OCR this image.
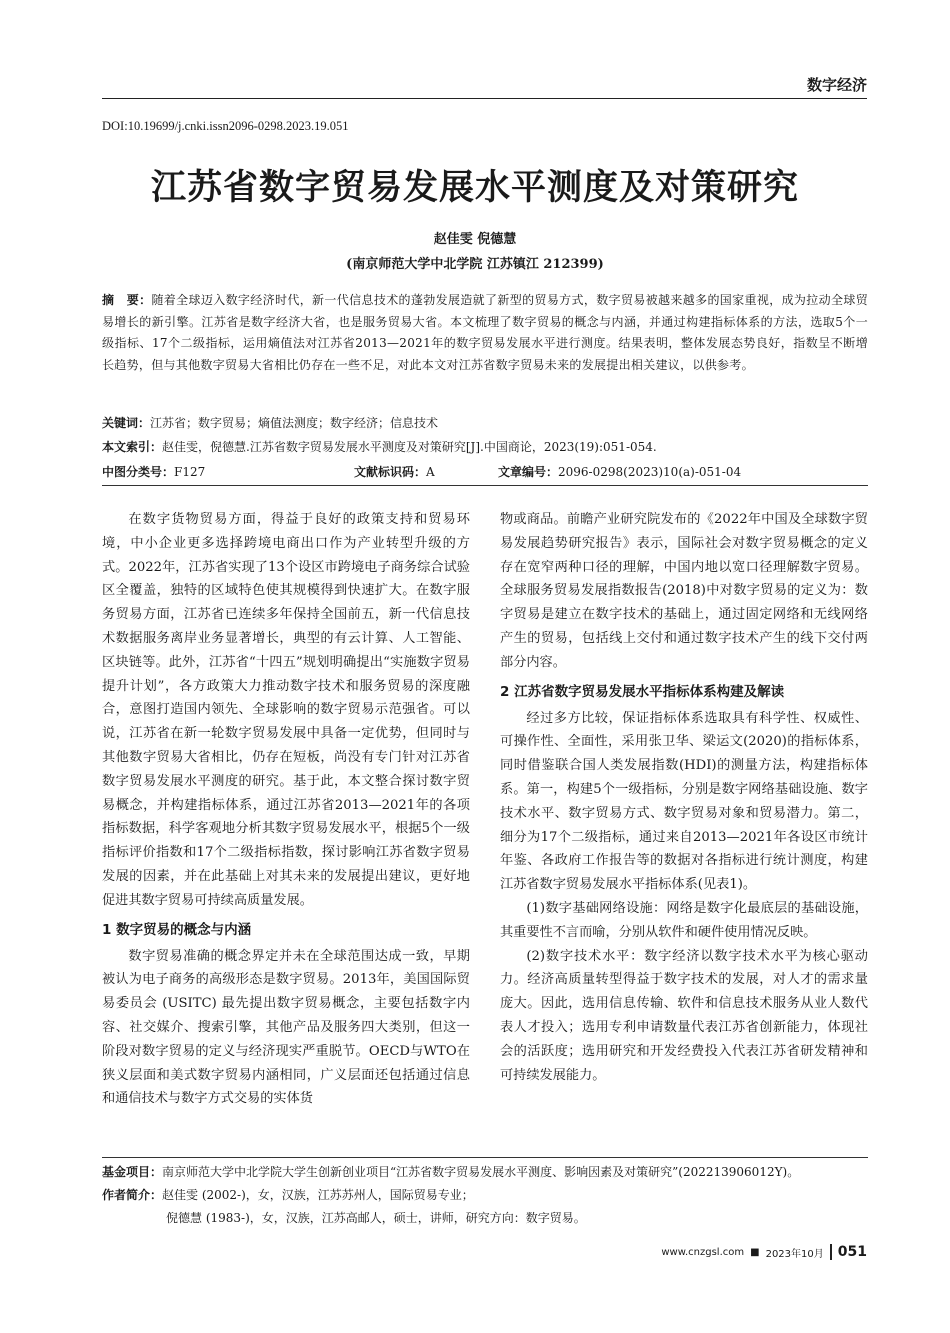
数字经济
DOI:10.19699/j.cnki.issn2096-0298.2023.19.051
江苏省数字贸易发展水平测度及对策研究
赵佳雯 倪德慧
(南京师范大学中北学院 江苏镇江 212399)
摘　要：随着全球迈入数字经济时代，新一代信息技术的蓬勃发展造就了新型的贸易方式，数字贸易被越来越多的国家重视，成为拉动全球贸易增长的新引擎。江苏省是数字经济大省，也是服务贸易大省。本文梳理了数字贸易的概念与内涵，并通过构建指标体系的方法，选取5个一级指标、17个二级指标，运用熵值法对江苏省2013—2021年的数字贸易发展水平进行测度。结果表明，整体发展态势良好，指数呈不断增长趋势，但与其他数字贸易大省相比仍存在一些不足，对此本文对江苏省数字贸易未来的发展提出相关建议，以供参考。
关键词：江苏省；数字贸易；熵值法测度；数字经济；信息技术
本文索引：赵佳雯，倪德慧.江苏省数字贸易发展水平测度及对策研究[J].中国商论，2023(19):051-054.
中图分类号：F127	文献标识码：A	文章编号：2096-0298(2023)10(a)-051-04

在数字货物贸易方面，得益于良好的政策支持和贸易环境，中小企业更多选择跨境电商出口作为产业转型升级的方式。2022年，江苏省实现了13个设区市跨境电子商务综合试验区全覆盖，独特的区域特色使其规模得到快速扩大。在数字服务贸易方面，江苏省已连续多年保持全国前五，新一代信息技术数据服务离岸业务显著增长，典型的有云计算、人工智能、区块链等。此外，江苏省“十四五”规划明确提出“实施数字贸易提升计划”，各方政策大力推动数字技术和服务贸易的深度融合，意图打造国内领先、全球影响的数字贸易示范强省。可以说，江苏省在新一轮数字贸易发展中具备一定优势，但同时与其他数字贸易大省相比，仍存在短板，尚没有专门针对江苏省数字贸易发展水平测度的研究。基于此，本文整合探讨数字贸易概念，并构建指标体系，通过江苏省2013—2021年的各项指标数据，科学客观地分析其数字贸易发展水平，根据5个一级指标评价指数和17个二级指标指数，探讨影响江苏省数字贸易发展的因素，并在此基础上对其未来的发展提出建议，更好地促进其数字贸易可持续高质量发展。

1 数字贸易的概念与内涵

数字贸易准确的概念界定并未在全球范围达成一致，早期被认为电子商务的高级形态是数字贸易。2013年，美国国际贸易委员会 (USITC) 最先提出数字贸易概念，主要包括数字内容、社交媒介、搜索引擎，其他产品及服务四大类别，但这一阶段对数字贸易的定义与经济现实严重脱节。OECD与WTO在狭义层面和美式数字贸易内涵相同，广义层面还包括通过信息和通信技术与数字方式交易的实体货

物或商品。前瞻产业研究院发布的《2022年中国及全球数字贸易发展趋势研究报告》表示，国际社会对数字贸易概念的定义存在宽窄两种口径的理解，中国内地以宽口径理解数字贸易。全球服务贸易发展指数报告(2018)中对数字贸易的定义为：数字贸易是建立在数字技术的基础上，通过固定网络和无线网络产生的贸易，包括线上交付和通过数字技术产生的线下交付两部分内容。

2 江苏省数字贸易发展水平指标体系构建及解读

经过多方比较，保证指标体系选取具有科学性、权威性、可操作性、全面性，采用张卫华、梁运文(2020)的指标体系，同时借鉴联合国人类发展指数(HDI)的测量方法，构建指标体系。第一，构建5个一级指标，分别是数字网络基础设施、数字技术水平、数字贸易方式、数字贸易对象和贸易潜力。第二，细分为17个二级指标，通过来自2013—2021年各设区市统计年鉴、各政府工作报告等的数据对各指标进行统计测度，构建江苏省数字贸易发展水平指标体系(见表1)。

(1)数字基础网络设施：网络是数字化最底层的基础设施，其重要性不言而喻，分别从软件和硬件使用情况反映。

(2)数字技术水平：数字经济以数字技术水平为核心驱动力。经济高质量转型得益于数字技术的发展，对人才的需求量庞大。因此，选用信息传输、软件和信息技术服务从业人数代表人才投入；选用专利申请数量代表江苏省创新能力，体现社会的活跃度；选用研究和开发经费投入代表江苏省研发精神和可持续发展能力。

基金项目：南京师范大学中北学院大学生创新创业项目“江苏省数字贸易发展水平测度、影响因素及对策研究”(202213906012Y)。
作者简介：赵佳雯 (2002-)，女，汉族，江苏苏州人，国际贸易专业；
倪德慧 (1983-)，女，汉族，江苏高邮人，硕士，讲师，研究方向：数字贸易。
www.cnzgsl.com ■ 2023年10月	051
